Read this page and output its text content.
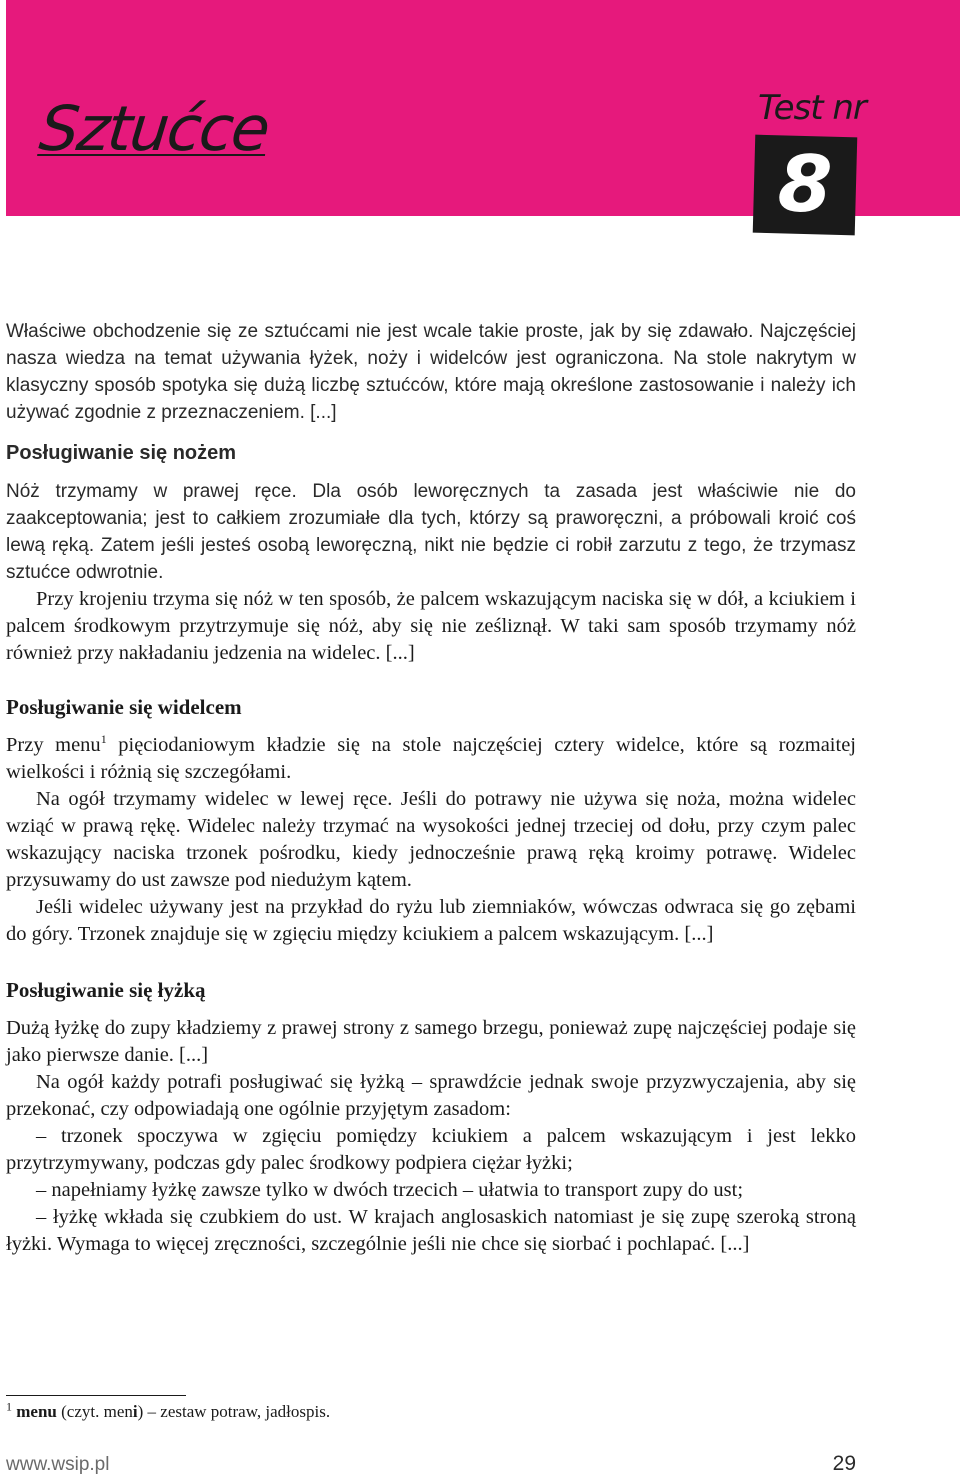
Sztućce	Test nr
8

Właściwe obchodzenie się ze sztućcami nie jest wcale takie proste, jak by się zdawało. Najczęściej nasza wiedza na temat używania łyżek, noży i widelców jest ograniczona. Na stole nakrytym w klasyczny sposób spotyka się dużą liczbę sztućców, które mają określone zastosowanie i należy ich używać zgodnie z przeznaczeniem. [...]

Posługiwanie się nożem

Nóż trzymamy w prawej ręce. Dla osób leworęcznych ta zasada jest właściwie nie do zaakceptowania; jest to całkiem zrozumiałe dla tych, którzy są praworęczni, a próbowali kroić coś lewą ręką. Zatem jeśli jesteś osobą leworęczną, nikt nie będzie ci robił zarzutu z tego, że trzymasz sztućce odwrotnie.

Przy krojeniu trzyma się nóż w ten sposób, że palcem wskazującym naciska się w dół, a kciukiem i palcem środkowym przytrzymuje się nóż, aby się nie ześliznął. W taki sam sposób trzymamy nóż również przy nakładaniu jedzenia na widelec. [...]

Posługiwanie się widelcem

Przy menu$^1$ pięciodaniowym kładzie się na stole najczęściej cztery widelce, które są rozmaitej wielkości i różnią się szczegółami.

Na ogół trzymamy widelec w lewej ręce. Jeśli do potrawy nie używa się noża, można widelec wziąć w prawą rękę. Widelec należy trzymać na wysokości jednej trzeciej od dołu, przy czym palec wskazujący naciska trzonek pośrodku, kiedy jednocześnie prawą ręką kroimy potrawę. Widelec przysuwamy do ust zawsze pod niedużym kątem.

Jeśli widelec używany jest na przykład do ryżu lub ziemniaków, wówczas odwraca się go zębami do góry. Trzonek znajduje się w zgięciu między kciukiem a palcem wskazującym. [...]

Posługiwanie się łyżką

Dużą łyżkę do zupy kładziemy z prawej strony z samego brzegu, ponieważ zupę najczęściej podaje się jako pierwsze danie. [...]

Na ogół każdy potrafi posługiwać się łyżką – sprawdźcie jednak swoje przyzwyczajenia, aby się przekonać, czy odpowiadają one ogólnie przyjętym zasadom:

– trzonek spoczywa w zgięciu pomiędzy kciukiem a palcem wskazującym i jest lekko przytrzymywany, podczas gdy palec środkowy podpiera ciężar łyżki;

– napełniamy łyżkę zawsze tylko w dwóch trzecich – ułatwia to transport zupy do ust;

– łyżkę wkłada się czubkiem do ust. W krajach anglosaskich natomiast je się zupę szeroką stroną łyżki. Wymaga to więcej zręczności, szczególnie jeśli nie chce się siorbać i pochlapać. [...]

$^1$ menu (czyt. meni) – zestaw potraw, jadłospis.
www.wsip.pl	29
